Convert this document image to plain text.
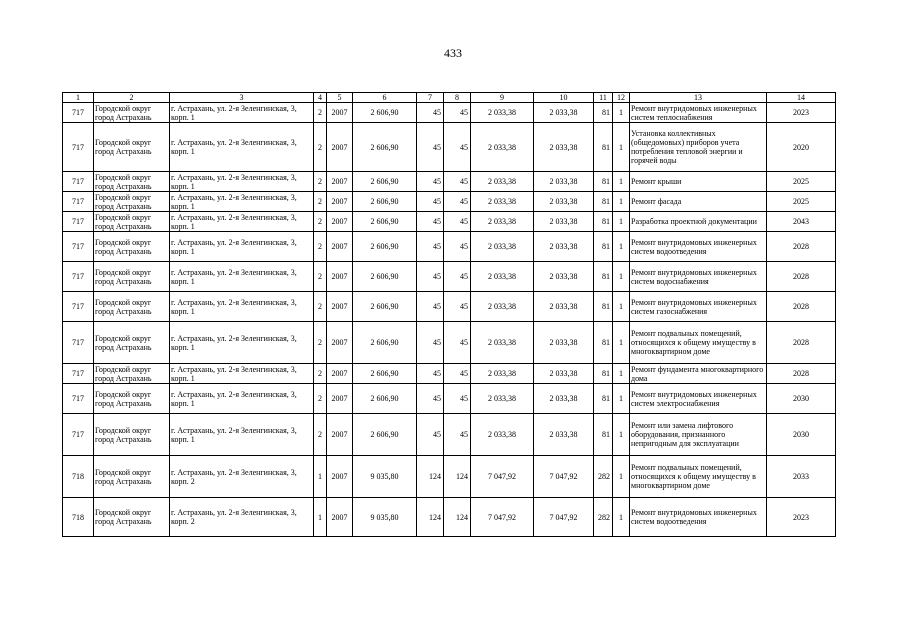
433
1	2	3	4	5	6	7	8	9	10	11	12	13	14
717	Городской округ город Астрахань	г. Астрахань, ул. 2-я Зеленгинская, 3, корп. 1	2	2007	2 606,90	45	45	2 033,38	2 033,38	81	1	Ремонт внутридомовых инженерных систем теплоснабжения	2023
717	Городской округ город Астрахань	г. Астрахань, ул. 2-я Зеленгинская, 3, корп. 1	2	2007	2 606,90	45	45	2 033,38	2 033,38	81	1	Установка коллективных (общедомовых) приборов учета потребления тепловой энергии и горячей воды	2020
717	Городской округ город Астрахань	г. Астрахань, ул. 2-я Зеленгинская, 3, корп. 1	2	2007	2 606,90	45	45	2 033,38	2 033,38	81	1	Ремонт крыши	2025
717	Городской округ город Астрахань	г. Астрахань, ул. 2-я Зеленгинская, 3, корп. 1	2	2007	2 606,90	45	45	2 033,38	2 033,38	81	1	Ремонт фасада	2025
717	Городской округ город Астрахань	г. Астрахань, ул. 2-я Зеленгинская, 3, корп. 1	2	2007	2 606,90	45	45	2 033,38	2 033,38	81	1	Разработка проектной документации	2043
717	Городской округ город Астрахань	г. Астрахань, ул. 2-я Зеленгинская, 3, корп. 1	2	2007	2 606,90	45	45	2 033,38	2 033,38	81	1	Ремонт внутридомовых инженерных систем водоотведения	2028
717	Городской округ город Астрахань	г. Астрахань, ул. 2-я Зеленгинская, 3, корп. 1	2	2007	2 606,90	45	45	2 033,38	2 033,38	81	1	Ремонт внутридомовых инженерных систем водоснабжения	2028
717	Городской округ город Астрахань	г. Астрахань, ул. 2-я Зеленгинская, 3, корп. 1	2	2007	2 606,90	45	45	2 033,38	2 033,38	81	1	Ремонт внутридомовых инженерных систем газоснабжения	2028
717	Городской округ город Астрахань	г. Астрахань, ул. 2-я Зеленгинская, 3, корп. 1	2	2007	2 606,90	45	45	2 033,38	2 033,38	81	1	Ремонт подвальных помещений, относящихся к общему имуществу в многоквартирном доме	2028
717	Городской округ город Астрахань	г. Астрахань, ул. 2-я Зеленгинская, 3, корп. 1	2	2007	2 606,90	45	45	2 033,38	2 033,38	81	1	Ремонт фундамента многоквартирного дома	2028
717	Городской округ город Астрахань	г. Астрахань, ул. 2-я Зеленгинская, 3, корп. 1	2	2007	2 606,90	45	45	2 033,38	2 033,38	81	1	Ремонт внутридомовых инженерных систем электроснабжения	2030
717	Городской округ город Астрахань	г. Астрахань, ул. 2-я Зеленгинская, 3, корп. 1	2	2007	2 606,90	45	45	2 033,38	2 033,38	81	1	Ремонт или замена лифтового оборудования, признанного непригодным для эксплуатации	2030
718	Городской округ город Астрахань	г. Астрахань, ул. 2-я Зеленгинская, 3, корп. 2	1	2007	9 035,80	124	124	7 047,92	7 047,92	282	1	Ремонт подвальных помещений, относящихся к общему имуществу в многоквартирном доме	2033
718	Городской округ город Астрахань	г. Астрахань, ул. 2-я Зеленгинская, 3, корп. 2	1	2007	9 035,80	124	124	7 047,92	7 047,92	282	1	Ремонт внутридомовых инженерных систем водоотведения	2023
